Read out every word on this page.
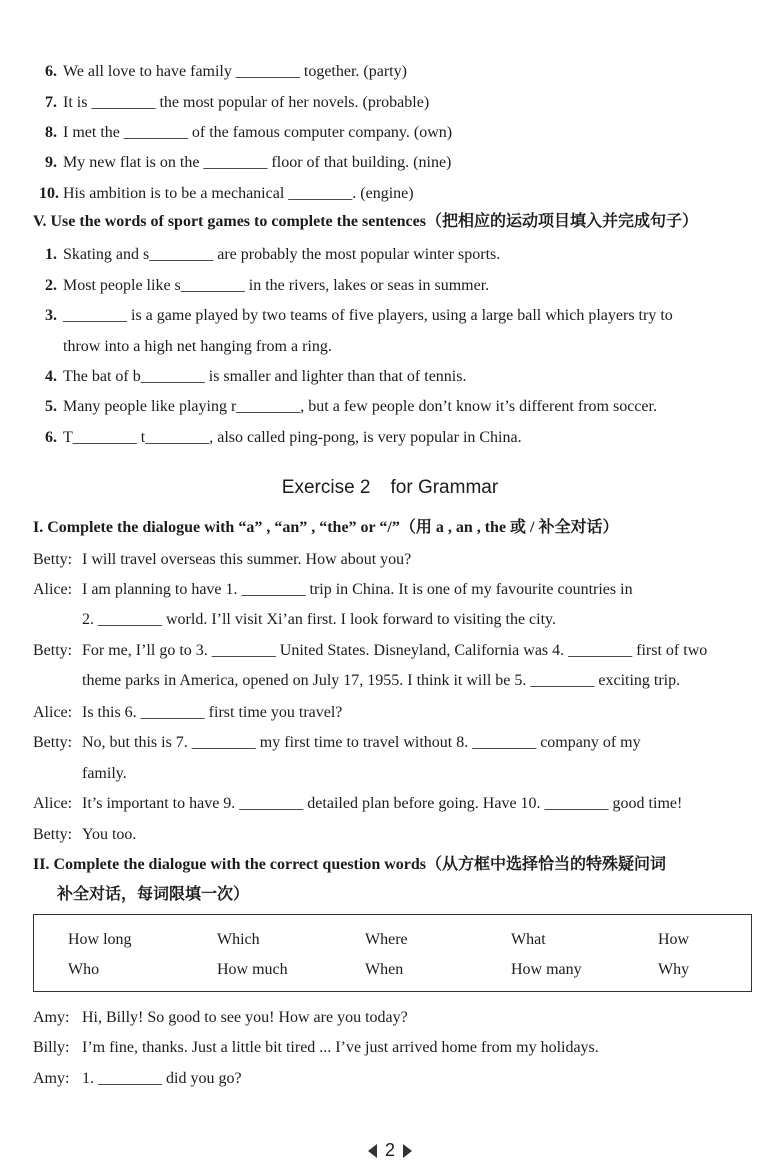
6. We all love to have family ________ together. (party)
7. It is ________ the most popular of her novels. (probable)
8. I met the ________ of the famous computer company. (own)
9. My new flat is on the ________ floor of that building. (nine)
10. His ambition is to be a mechanical ________. (engine)
V. Use the words of sport games to complete the sentences（把相应的运动项目填入并完成句子）
1. Skating and s________ are probably the most popular winter sports.
2. Most people like s________ in the rivers, lakes or seas in summer.
3. ________ is a game played by two teams of five players, using a large ball which players try to
throw into a high net hanging from a ring.
4. The bat of b________ is smaller and lighter than that of tennis.
5. Many people like playing r________, but a few people don’t know it’s different from soccer.
6. T________ t________, also called ping-pong, is very popular in China.
Exercise 2 for Grammar
I. Complete the dialogue with “a” , “an” , “the” or “/”（用 a , an , the 或 / 补全对话）
Betty: I will travel overseas this summer. How about you?
Alice: I am planning to have 1. ________ trip in China. It is one of my favourite countries in
2. ________ world. I’ll visit Xi’an first. I look forward to visiting the city.
Betty: For me, I’ll go to 3. ________ United States. Disneyland, California was 4. ________ first of two
theme parks in America, opened on July 17, 1955. I think it will be 5. ________ exciting trip.
Alice: Is this 6. ________ first time you travel?
Betty: No, but this is 7. ________ my first time to travel without 8. ________ company of my
family.
Alice: It’s important to have 9. ________ detailed plan before going. Have 10. ________ good time!
Betty: You too.
II. Complete the dialogue with the correct question words（从方框中选择恰当的特殊疑问词
补全对话，每词限填一次）
How long	Which	Where	What	How
Who	How much	When	How many	Why
Amy: Hi, Billy! So good to see you! How are you today?
Billy: I’m fine, thanks. Just a little bit tired ... I’ve just arrived home from my holidays.
Amy: 1. ________ did you go?
2
